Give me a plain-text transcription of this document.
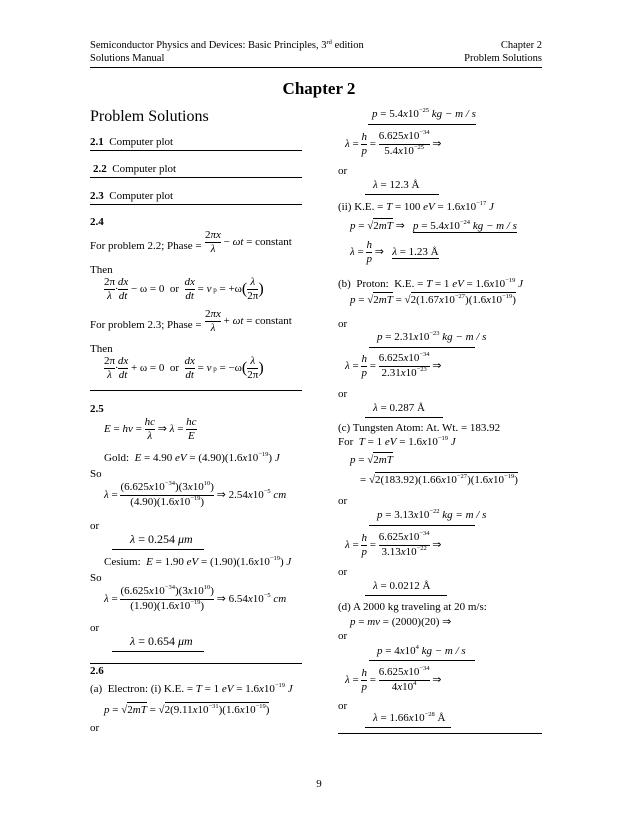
Semiconductor Physics and Devices: Basic Principles, 3rd edition
Solutions Manual
Chapter 2
Problem Solutions
Chapter 2
Problem Solutions
2.1  Computer plot
2.2  Computer plot
2.3  Computer plot
2.4
For problem 2.2; Phase = $\frac{2\pi x}{\lambda} - \omega t$ = constant
Then
$\frac{2\pi}{\lambda} \cdot \frac{dx}{dt} - \omega = 0$  or $\frac{dx}{dt} = v$ $p = +\omega( \frac{\lambda}{2\pi}$ )
For problem 2.3; Phase = $\frac{2\pi x}{\lambda} + \omega t$ = constant
Then
$\frac{2\pi}{\lambda} \cdot \frac{dx}{dt} + \omega = 0$  or $\frac{dx}{dt} = v$ $p = -\omega( \frac{\lambda}{2\pi}$ )
2.5
$E = h\nu = \frac{hc}{\lambda}$ ⇒ $\lambda = \frac{hc}{E}$
Gold:  E = 4.90 eV = $(4.90)(1.6x10^{-19})$ J
So
$\lambda = \frac{(6.625x10^{-34})(3x10^{10})}{(4.90)(1.6x10^{-19})}$ ⇒ $2.54x10^{-5}$ cm
or
λ = 0.254 μm
Cesium:  E = 1.90 eV = $(1.90)(1.6x10^{-19})$ J
So
$\lambda = \frac{(6.625x10^{-34})(3x10^{10})}{(1.90)(1.6x10^{-19})}$ ⇒ $6.54x10^{-5}$ cm
or
λ = 0.654 μm
2.6
(a)  Electron: (i) K.E. = T = 1 eV = $1.6x10^{-19}$ J
$p = √2mT = √2(9.11x10^{-31})(1.6x10^{-19})$
or
$p = 5.4x10^{-25}$ kg − m / s
$\lambda = \frac{h}{p} = \frac{6.625x10^{-34}}{5.4x10^{-25}}$ ⇒
or
λ = 12.3 Å
(ii) K.E. = T = 100 eV = $1.6x10^{-17}$ J
p = √2mT ⇒   $p = 5.4x10^{-24}$ kg − m / s
$\lambda = \frac{h}{p}$ ⇒   λ = 1.23 Å
(b)  Proton:  K.E. = T = 1 eV = $1.6x10^{-19}$ J
$p = √2mT = √2(1.67x10^{-27})(1.6x10^{-19})$
or
$p = 2.31x10^{-23}$ kg − m / s
$\lambda = \frac{h}{p} = \frac{6.625x10^{-34}}{2.31x10^{-23}}$ ⇒
or
λ = 0.287 Å
(c) Tungsten Atom: At. Wt. = 183.92
For  T = 1 eV = $1.6x10^{-19}$ J
p = √2mT
= $√2(183.92)(1.66x10^{-27})(1.6x10^{-19})$
or
$p = 3.13x10^{-22}$ kg = m / s
$\lambda = \frac{h}{p} = \frac{6.625x10^{-34}}{3.13x10^{-22}}$ ⇒
or
λ = 0.0212 Å
(d) A 2000 kg traveling at 20 m/s:
p = mv = (2000)(20) ⇒
or
$p = 4x10^4$ kg − m / s
$\lambda = \frac{h}{p} = \frac{6.625x10^{-34}}{4x10^4}$ ⇒
or
$\lambda = 1.66x10^{-28}$ Å
9
